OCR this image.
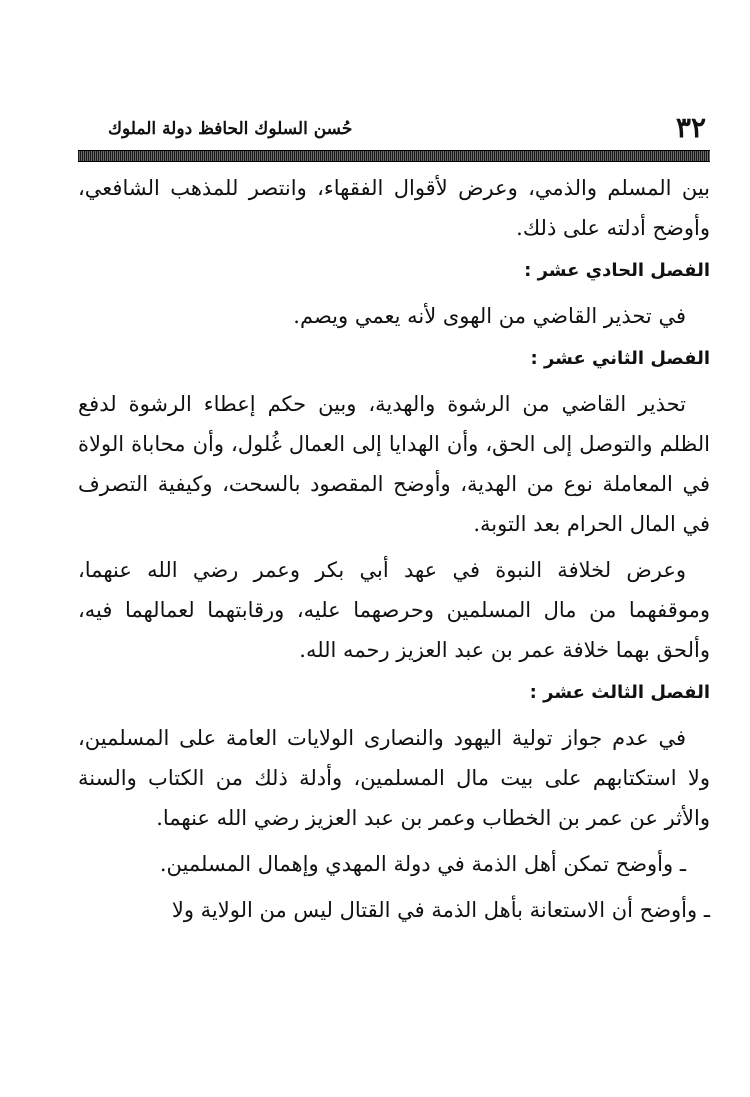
٣٢
حُسن السلوك الحافظ دولة الملوك

بين المسلم والذمي، وعرض لأقوال الفقهاء، وانتصر للمذهب الشافعي، وأوضح أدلته على ذلك.

الفصل الحادي عشر :

في تحذير القاضي من الهوى لأنه يعمي ويصم.

الفصل الثاني عشر :

تحذير القاضي من الرشوة والهدية، وبين حكم إعطاء الرشوة لدفع الظلم والتوصل إلى الحق، وأن الهدايا إلى العمال غُلول، وأن محاباة الولاة في المعاملة نوع من الهدية، وأوضح المقصود بالسحت، وكيفية التصرف في المال الحرام بعد التوبة.

وعرض لخلافة النبوة في عهد أبي بكر وعمر رضي الله عنهما، وموقفهما من مال المسلمين وحرصهما عليه، ورقابتهما لعمالهما فيه، وألحق بهما خلافة عمر بن عبد العزيز رحمه الله.

الفصل الثالث عشر :

في عدم جواز تولية اليهود والنصارى الولايات العامة على المسلمين، ولا استكتابهم على بيت مال المسلمين، وأدلة ذلك من الكتاب والسنة والأثر عن عمر بن الخطاب وعمر بن عبد العزيز رضي الله عنهما.

ـ وأوضح تمكن أهل الذمة في دولة المهدي وإهمال المسلمين.

ـ وأوضح أن الاستعانة بأهل الذمة في القتال ليس من الولاية ولا
